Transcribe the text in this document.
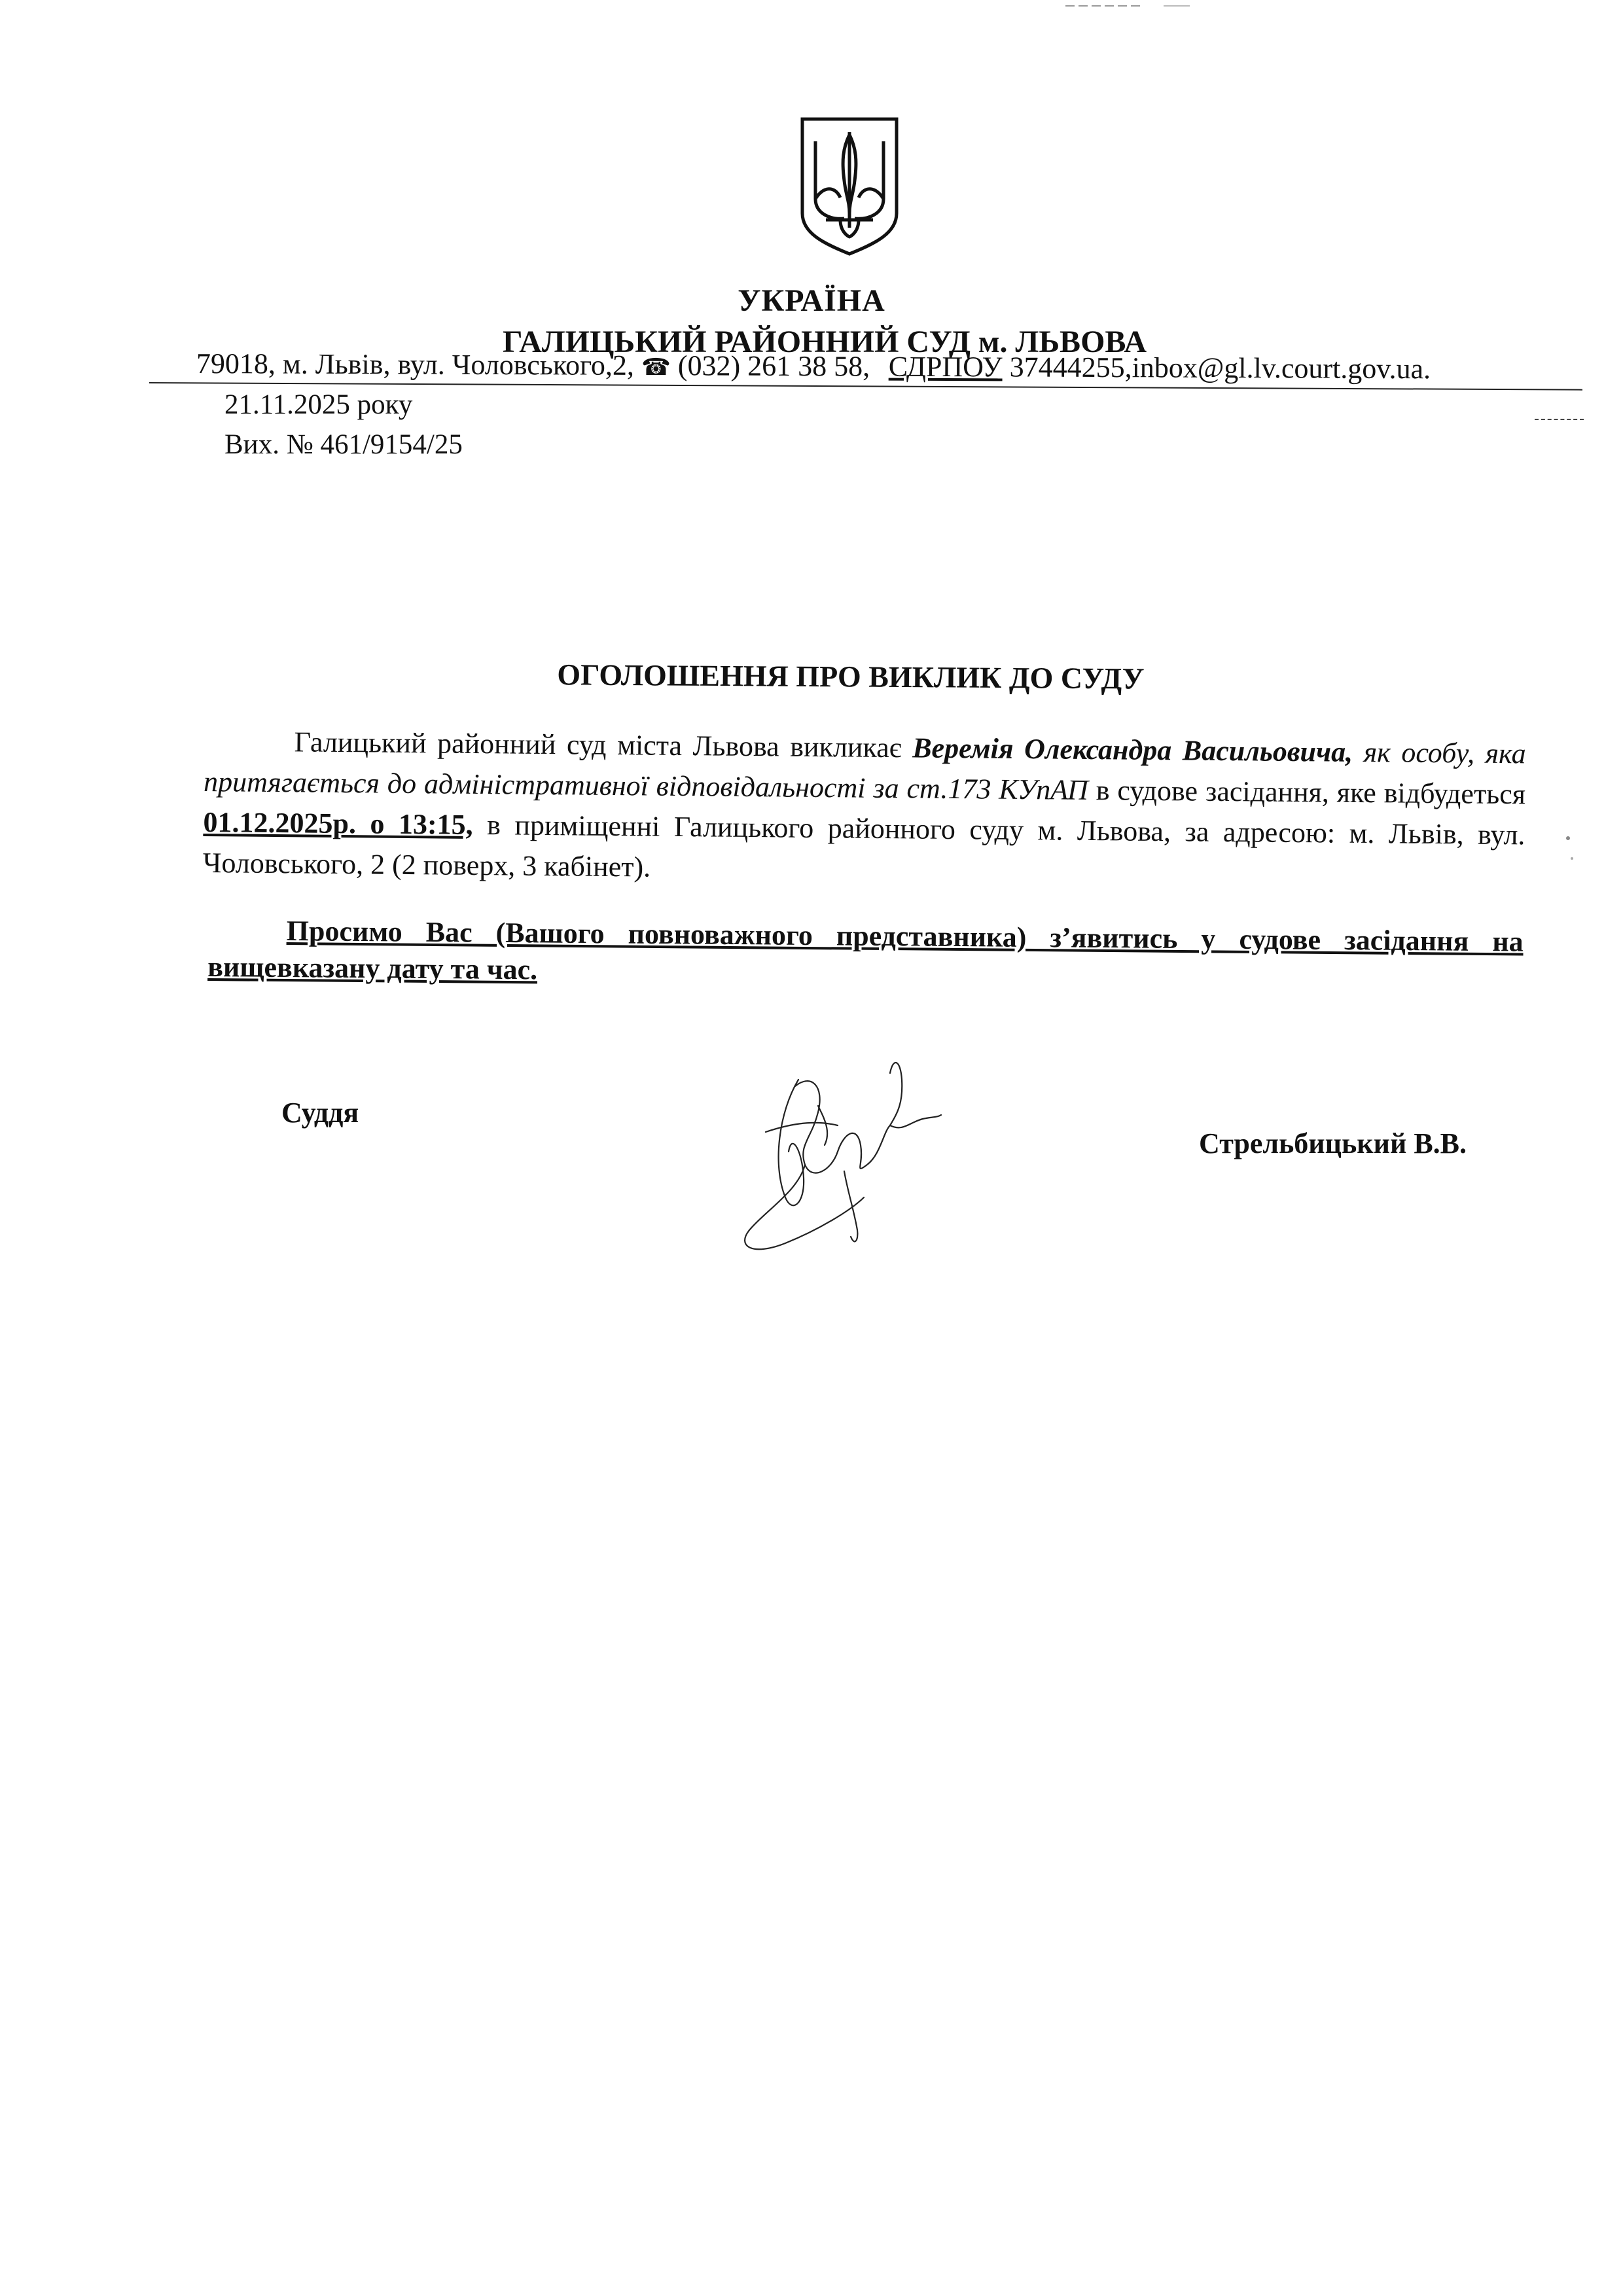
УКРАЇНА
ГАЛИЦЬКИЙ РАЙОННИЙ СУД м. ЛЬВОВА
79018, м. Львів, вул. Чоловського,2, ☎ (032) 261 38 58, СДРПОУ 37444255,inbox@gl.lv.court.gov.ua.
21.11.2025 року
Вих. № 461/9154/25
ОГОЛОШЕННЯ ПРО ВИКЛИК ДО СУДУ
Галицький районний суд міста Львова викликає Веремія Олександра Васильовича, як особу, яка притягається до адміністративної відповідальності за ст.173 КУпАП в судове засідання, яке відбудеться 01.12.2025р. о 13:15, в приміщенні Галицького районного суду м. Львова, за адресою: м. Львів, вул. Чоловського, 2 (2 поверх, 3 кабінет).
Просимо Вас (Вашого повноважного представника) з’явитись у судове засідання на вищевказану дату та час.
Суддя
Стрельбицький В.В.
